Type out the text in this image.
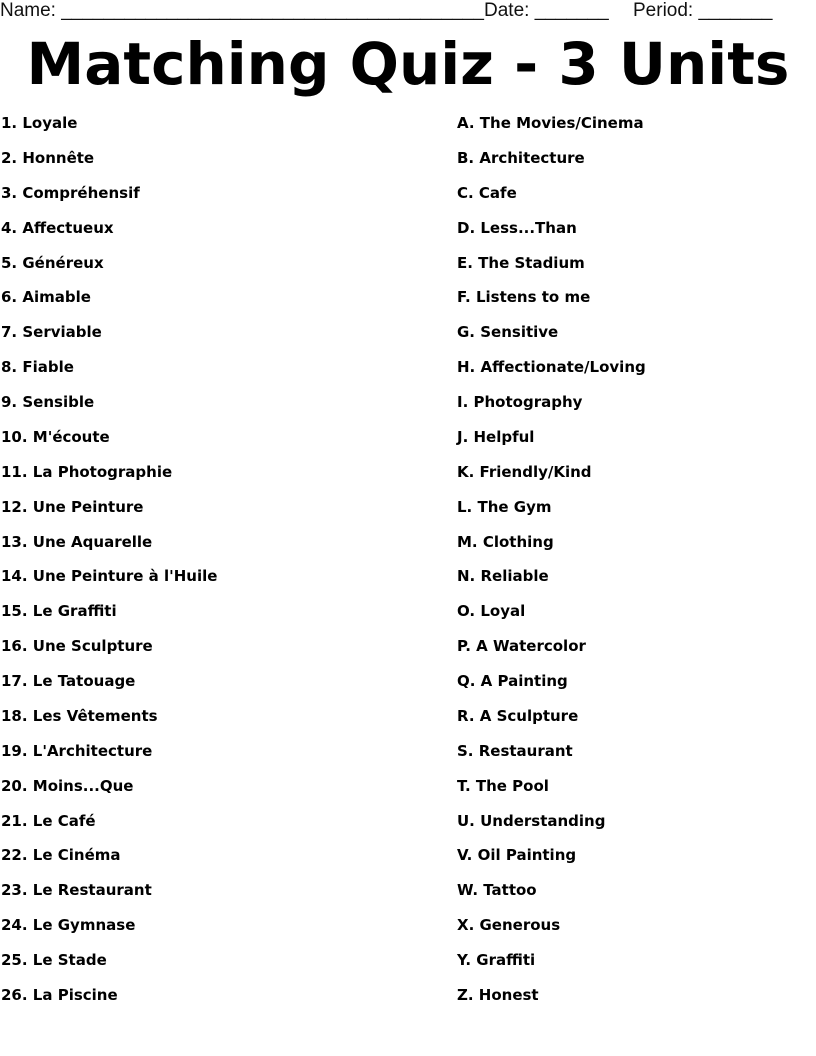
Name: ________________________________________ Date: _______ Period: _______
Matching Quiz - 3 Units
1. Loyale
2. Honnête
3. Compréhensif
4. Affectueux
5. Généreux
6. Aimable
7. Serviable
8. Fiable
9. Sensible
10. M'écoute
11. La Photographie
12. Une Peinture
13. Une Aquarelle
14. Une Peinture à l'Huile
15. Le Graffiti
16. Une Sculpture
17. Le Tatouage
18. Les Vêtements
19. L'Architecture
20. Moins...Que
21. Le Café
22. Le Cinéma
23. Le Restaurant
24. Le Gymnase
25. Le Stade
26. La Piscine
A. The Movies/Cinema
B. Architecture
C. Cafe
D. Less...Than
E. The Stadium
F. Listens to me
G. Sensitive
H. Affectionate/Loving
I. Photography
J. Helpful
K. Friendly/Kind
L. The Gym
M. Clothing
N. Reliable
O. Loyal
P. A Watercolor
Q. A Painting
R. A Sculpture
S. Restaurant
T. The Pool
U. Understanding
V. Oil Painting
W. Tattoo
X. Generous
Y. Graffiti
Z. Honest
